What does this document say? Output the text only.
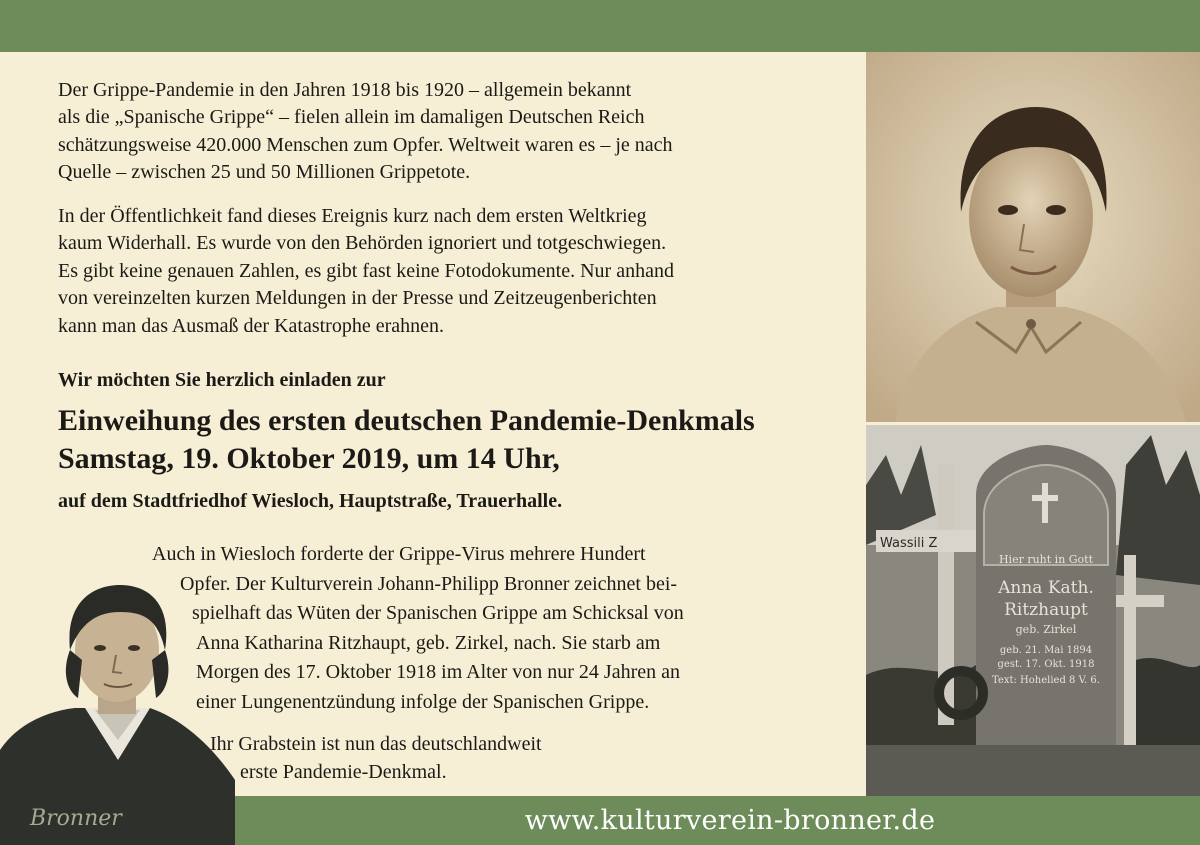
Der Grippe-Pandemie in den Jahren 1918 bis 1920 – allgemein bekannt
als die „Spanische Grippe“ – fielen allein im damaligen Deutschen Reich
schätzungsweise 420.000 Menschen zum Opfer. Weltweit waren es – je nach
Quelle – zwischen 25 und 50 Millionen Grippetote.

In der Öffentlichkeit fand dieses Ereignis kurz nach dem ersten Weltkrieg
kaum Widerhall. Es wurde von den Behörden ignoriert und totgeschwiegen.
Es gibt keine genauen Zahlen, es gibt fast keine Fotodokumente. Nur anhand
von vereinzelten kurzen Meldungen in der Presse und Zeitzeugenberichten
kann man das Ausmaß der Katastrophe erahnen.

Wir möchten Sie herzlich einladen zur

Einweihung des ersten deutschen Pandemie-Denkmals
Samstag, 19. Oktober 2019, um 14 Uhr,

auf dem Stadtfriedhof Wiesloch, Hauptstraße, Trauerhalle.

Auch in Wiesloch forderte der Grippe-Virus mehrere Hundert
Opfer. Der Kulturverein Johann-Philipp Bronner zeichnet bei-
spielhaft das Wüten der Spanischen Grippe am Schicksal von
Anna Katharina Ritzhaupt, geb. Zirkel, nach. Sie starb am
Morgen des 17. Oktober 1918 im Alter von nur 24 Jahren an
einer Lungenentzündung infolge der Spanischen Grippe.

Ihr Grabstein ist nun das deutschlandweit
erste Pandemie-Denkmal.

Wassili Z
Hier ruht in Gott
Anna Kath.
Ritzhaupt
geb. Zirkel
geb. 21. Mai 1894
gest. 17. Okt. 1918
Text: Hohelied 8 V. 6.
Bronner	www.kulturverein-bronner.de
